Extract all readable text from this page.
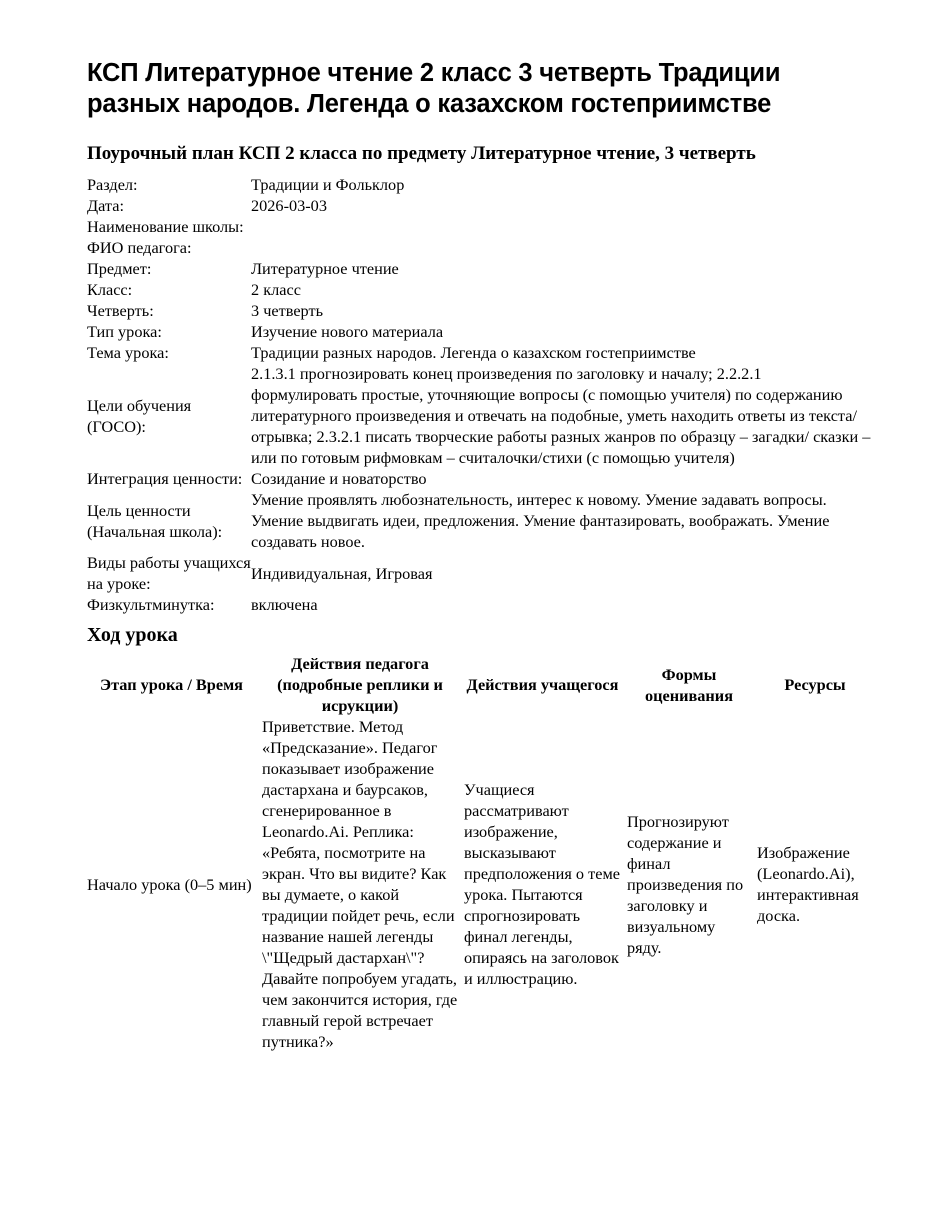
КСП Литературное чтение 2 класс 3 четверть Традиции разных народов. Легенда о казахском гостеприимстве
Поурочный план КСП 2 класса по предмету Литературное чтение, 3 четверть
Раздел:	Традиции и Фольклор
Дата:	2026-03-03
Наименование школы:	
ФИО педагога:	
Предмет:	Литературное чтение
Класс:	2 класс
Четверть:	3 четверть
Тип урока:	Изучение нового материала
Тема урока:	Традиции разных народов. Легенда о казахском гостеприимстве
Цели обучения (ГОСО):	2.1.3.1 прогнозировать конец произведения по заголовку и началу; 2.2.2.1 формулировать простые, уточняющие вопросы (с помощью учителя) по содержанию литературного произведения и отвечать на подобные, уметь находить ответы из текста/отрывка; 2.3.2.1 писать творческие работы разных жанров по образцу – загадки/ сказки – или по готовым рифмовкам – считалочки/стихи (с помощью учителя)
Интеграция ценности:	Созидание и новаторство
Цель ценности (Начальная школа):	Умение проявлять любознательность, интерес к новому. Умение задавать вопросы. Умение выдвигать идеи, предложения. Умение фантазировать, воображать. Умение создавать новое.
Виды работы учащихся на уроке:	Индивидуальная, Игровая
Физкультминутка:	включена
Ход урока
Этап урока / Время	Действия педагога (подробные реплики и исрукции)	Действия учащегося	Формы оценивания	Ресурсы
Начало урока (0–5 мин)	Приветствие. Метод «Предсказание». Педагог показывает изображение дастархана и баурсаков, сгенерированное в Leonardo.Ai. Реплика: «Ребята, посмотрите на экран. Что вы видите? Как вы думаете, о какой традиции пойдет речь, если название нашей легенды \"Щедрый дастархан\"? Давайте попробуем угадать, чем закончится история, где главный герой встречает путника?»	Учащиеся рассматривают изображение, высказывают предположения о теме урока. Пытаются спрогнозировать финал легенды, опираясь на заголовок и иллюстрацию.	Прогнозируют содержание и финал произведения по заголовку и визуальному ряду.	Изображение (Leonardo.Ai), интерактивная доска.
